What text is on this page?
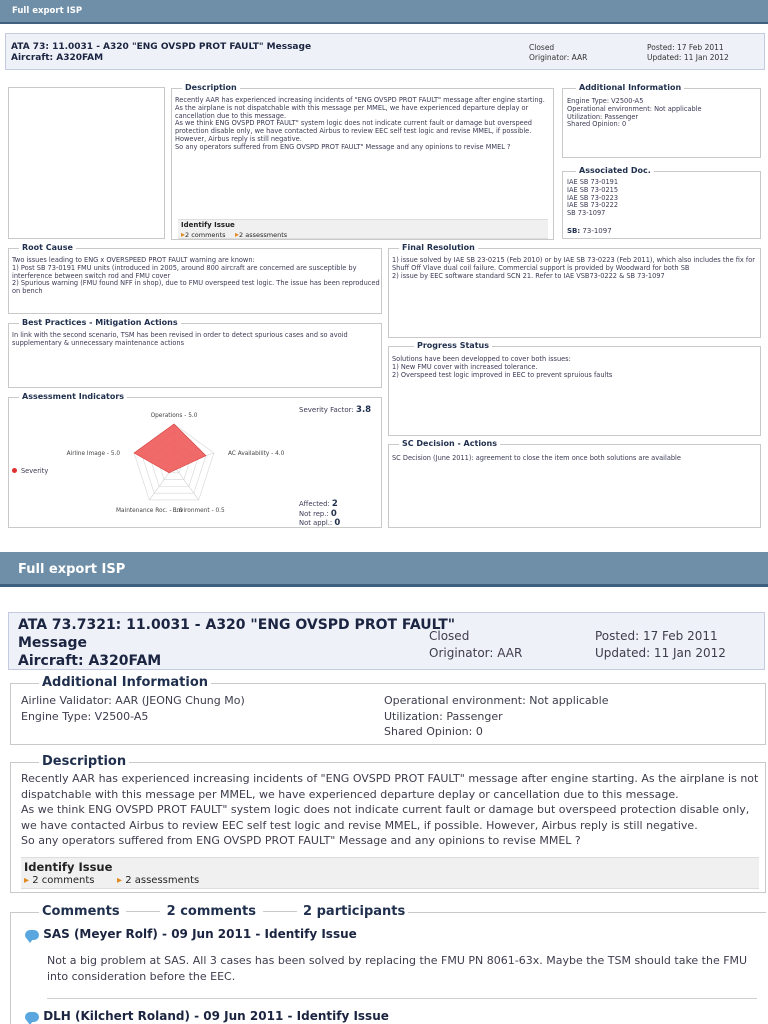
Full export ISP
ATA 73: 11.0031 - A320 "ENG OVSPD PROT FAULT" Message
Aircraft: A320FAM
Closed
Originator: AAR
Posted: 17 Feb 2011
Updated: 11 Jan 2012
Description
Recently AAR has experienced increasing incidents of "ENG OVSPD PROT FAULT" message after engine starting. As the airplane is not dispatchable with this message per MMEL, we have experienced departure deplay or cancellation due to this message.
As we think ENG OVSPD PROT FAULT" system logic does not indicate current fault or damage but overspeed protection disable only, we have contacted Airbus to review EEC self test logic and revise MMEL, if possible. However, Airbus reply is still negative.
So any operators suffered from ENG OVSPD PROT FAULT" Message and any opinions to revise MMEL ?
Identify Issue
▸2 comments ▸2 assessments
Additional Information
Engine Type: V2500-A5
Operational environment: Not applicable
Utilization: Passenger
Shared Opinion: 0
Associated Doc.
IAE SB 73-0191
IAE SB 73-0215
IAE SB 73-0223
IAE SB 73-0222
SB 73-1097
SB: 73-1097
Root Cause
Two issues leading to ENG x OVERSPEED PROT FAULT warning are known:
1) Post SB 73-0191 FMU units (introduced in 2005, around 800 aircraft are concerned are susceptible by interference between switch rod and FMU cover
2) Spurious warning (FMU found NFF in shop), due to FMU overspeed test logic. The issue has been reproduced on bench
Final Resolution
1) issue solved by IAE SB 23-0215 (Feb 2010) or by IAE SB 73-0223 (Feb 2011), which also includes the fix for Shuff Off Vlave dual coil failure. Commercial support is provided by Woodward for both SB
2) issue by EEC software standard SCN 21. Refer to IAE VSB73-0222 & SB 73-1097
Best Practices - Mitigation Actions
In link with the second scenario, TSM has been revised in order to detect spurious cases and so avoid supplementary & unnecessary maintenance actions	Progress Status
Solutions have been developped to cover both issues:
1) New FMU cover with increased tolerance.
2) Overspeed test logic improved in EEC to prevent spruious faults
Assessment Indicators
Severity Factor: 3.8
Severity
Operations - 5.0
AC Availability - 4.0
Environment - 0.5
Maintenance Roc. - 1.0
Airline Image - 5.0
Affected: 2
Not rep.: 0
Not appl.: 0
SC Decision - Actions
SC Decision (June 2011): agreement to close the item once both solutions are available
Full export ISP
ATA 73.7321: 11.0031 - A320 "ENG OVSPD PROT FAULT"
Message
Aircraft: A320FAM
Closed
Originator: AAR
Posted: 17 Feb 2011
Updated: 11 Jan 2012
Additional Information
Airline Validator: AAR (JEONG Chung Mo)
Engine Type: V2500-A5
Operational environment: Not applicable
Utilization: Passenger
Shared Opinion: 0
Description
Recently AAR has experienced increasing incidents of "ENG OVSPD PROT FAULT" message after engine starting. As the airplane is not dispatchable with this message per MMEL, we have experienced departure deplay or cancellation due to this message.
As we think ENG OVSPD PROT FAULT" system logic does not indicate current fault or damage but overspeed protection disable only, we have contacted Airbus to review EEC self test logic and revise MMEL, if possible. However, Airbus reply is still negative.
So any operators suffered from ENG OVSPD PROT FAULT" Message and any opinions to revise MMEL ?
Identify Issue
▸ 2 comments ▸ 2 assessments
Comments	2 comments	2 participants
SAS (Meyer Rolf) - 09 Jun 2011 - Identify Issue
Not a big problem at SAS. All 3 cases has been solved by replacing the FMU PN 8061-63x. Maybe the TSM should take the FMU into consideration before the EEC.
DLH (Kilchert Roland) - 09 Jun 2011 - Identify Issue
